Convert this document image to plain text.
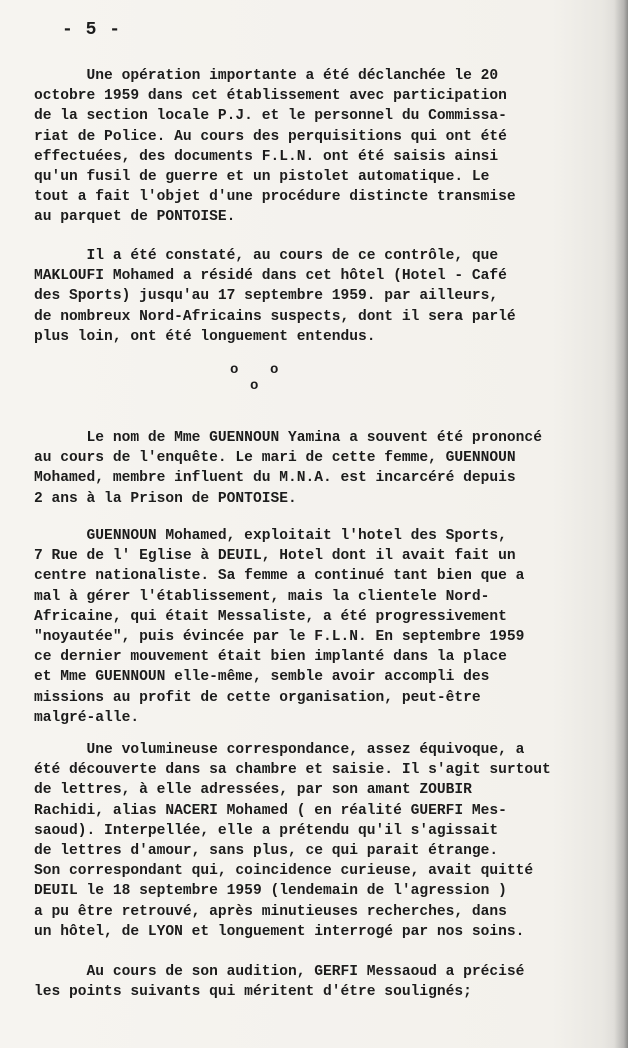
- 5 -
Une opération importante a été déclanchée le 20
octobre 1959 dans cet établissement avec participation
de la section locale P.J. et le personnel du Commissa-
riat de Police. Au cours des perquisitions qui ont été
effectuées, des documents F.L.N. ont été saisis ainsi
qu'un fusil de guerre et un pistolet automatique. Le
tout a fait l'objet d'une procédure distincte transmise
au parquet de PONTOISE.
Il a été constaté, au cours de ce contrôle, que
MAKLOUFI Mohamed a résidé dans cet hôtel (Hotel - Café
des Sports) jusqu'au 17 septembre 1959. par ailleurs,
de nombreux Nord-Africains suspects, dont il sera parlé
plus loin, ont été longuement entendus.
o o
o
Le nom de Mme GUENNOUN Yamina a souvent été prononcé
au cours de l'enquête. Le mari de cette femme, GUENNOUN
Mohamed, membre influent du M.N.A. est incarcéré depuis
2 ans à la Prison de PONTOISE.
GUENNOUN Mohamed, exploitait l'hotel des Sports,
7 Rue de l' Eglise à DEUIL, Hotel dont il avait fait un
centre nationaliste. Sa femme a continué tant bien que a
mal à gérer l'établissement, mais la clientele Nord-
Africaine, qui était Messaliste, a été progressivement
"noyautée", puis évincée par le F.L.N. En septembre 1959
ce dernier mouvement était bien implanté dans la place
et Mme GUENNOUN elle-même, semble avoir accompli des
missions au profit de cette organisation, peut-être
malgré-alle.
Une volumineuse correspondance, assez équivoque, a
été découverte dans sa chambre et saisie. Il s'agit surtout
de lettres, à elle adressées, par son amant ZOUBIR
Rachidi, alias NACERI Mohamed ( en réalité GUERFI Mes-
saoud). Interpellée, elle a prétendu qu'il s'agissait
de lettres d'amour, sans plus, ce qui parait étrange.
Son correspondant qui, coincidence curieuse, avait quitté
DEUIL le 18 septembre 1959 (lendemain de l'agression )
a pu être retrouvé, après minutieuses recherches, dans
un hôtel, de LYON et longuement interrogé par nos soins.
Au cours de son audition, GERFI Messaoud a précisé
les points suivants qui méritent d'étre soulignés;
